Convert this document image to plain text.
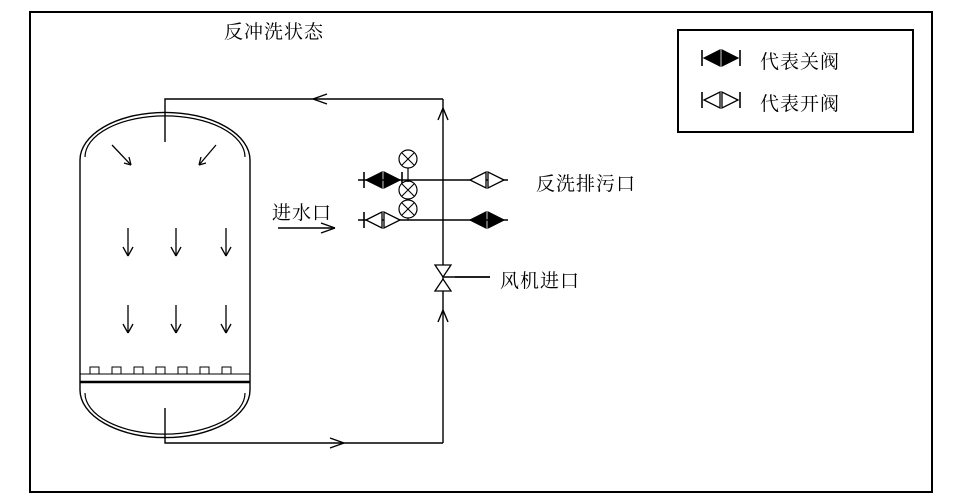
反冲洗状态
进水口
反洗排污口
风机进口
代表关阀
代表开阀
